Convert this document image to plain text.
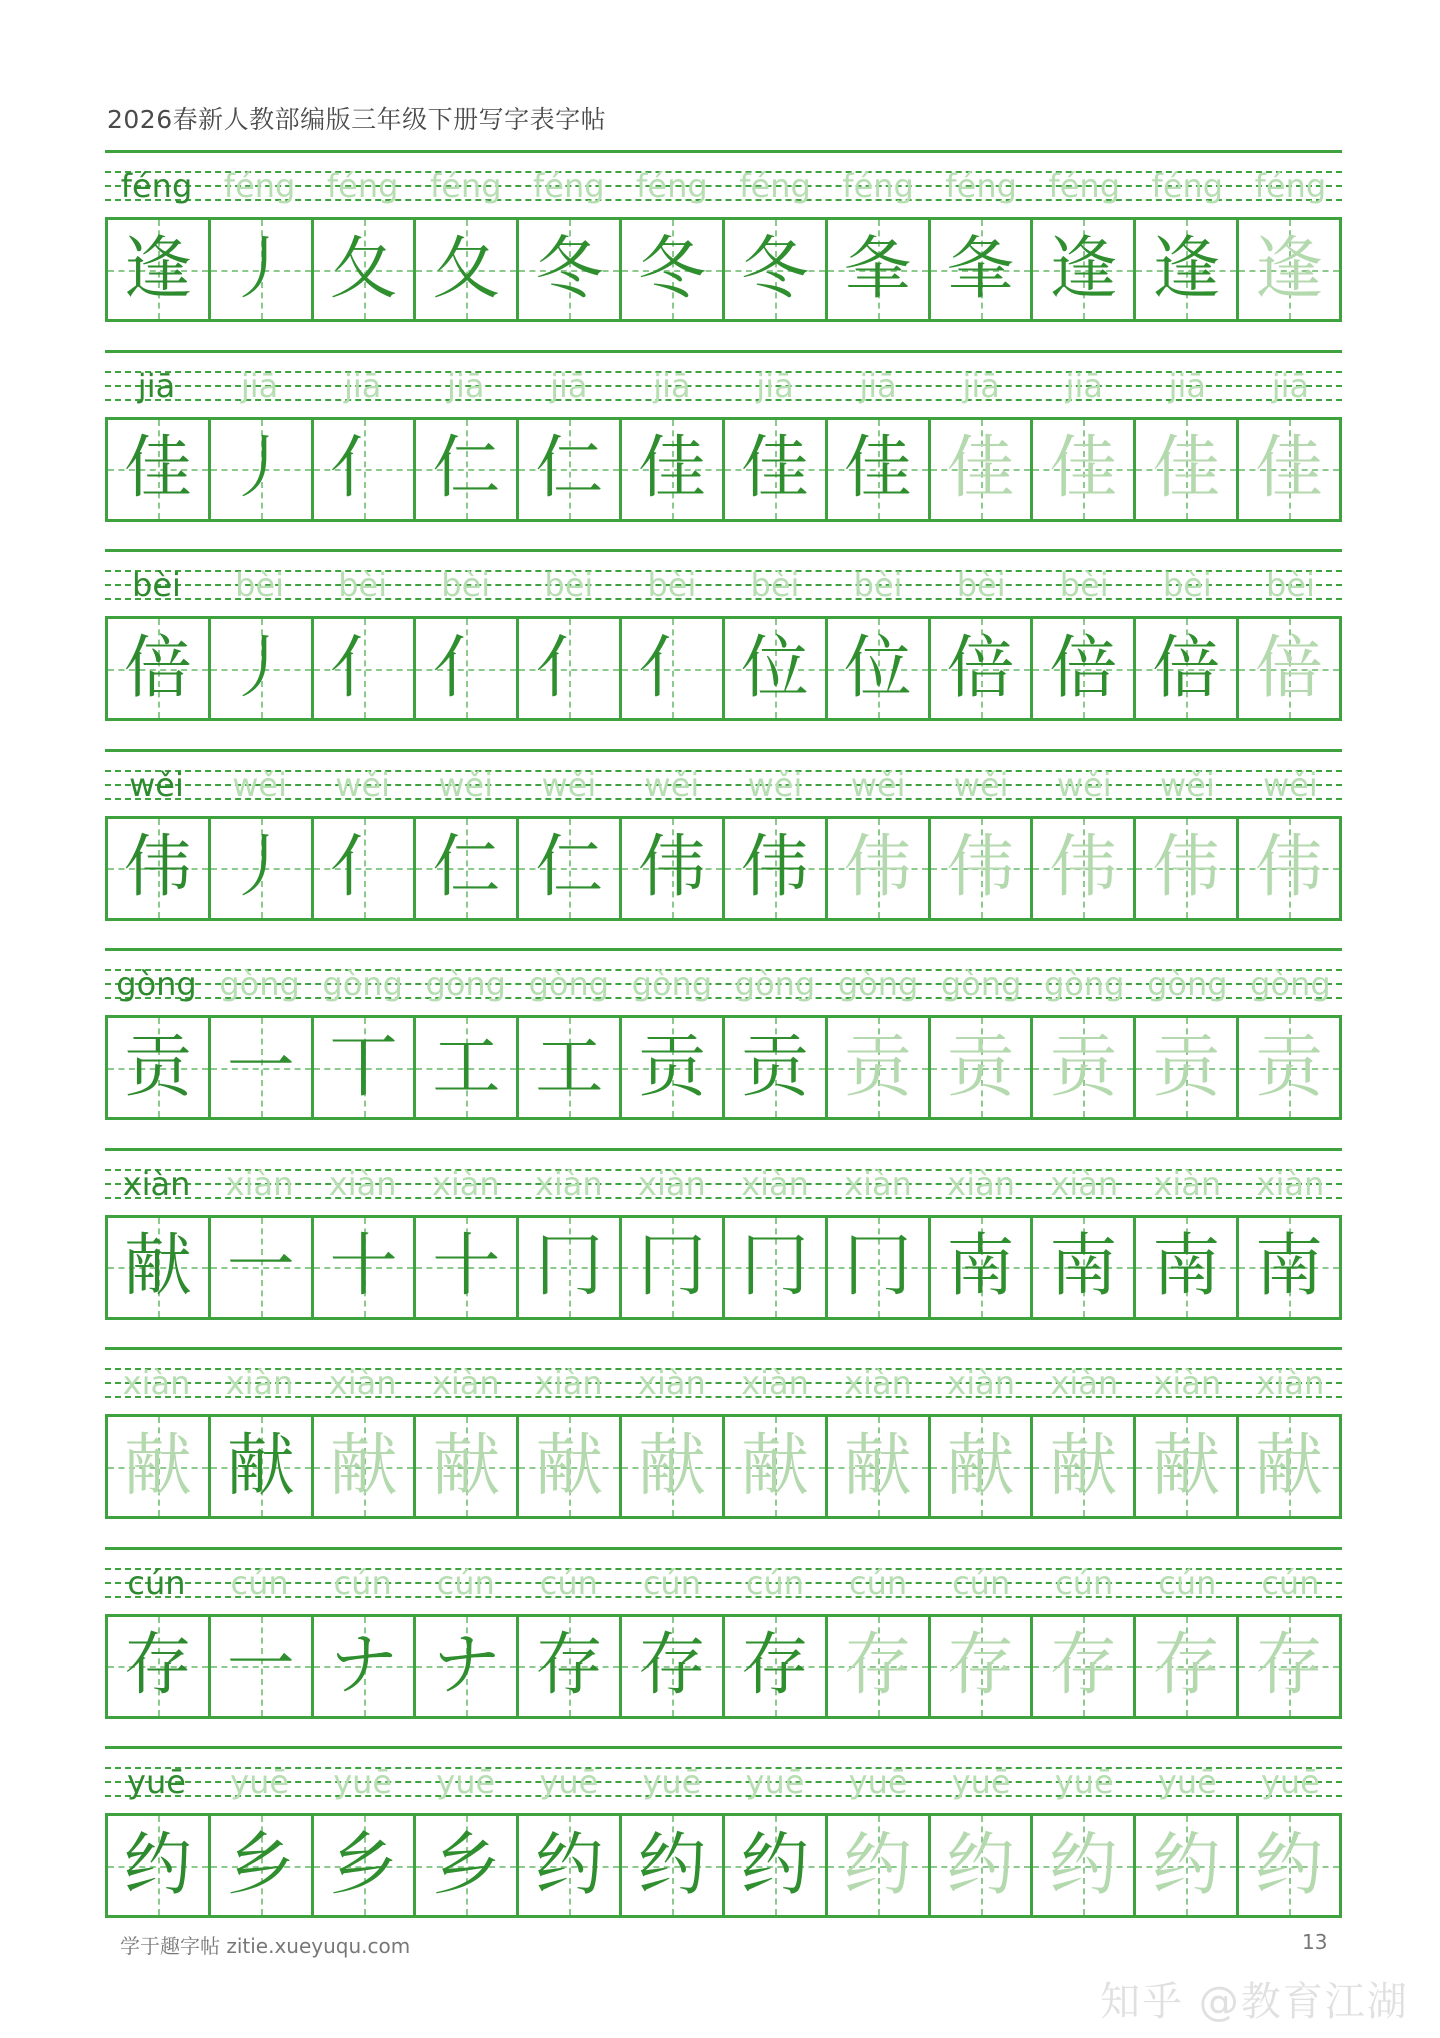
2026春新人教部编版三年级下册写字表字帖
féng féng féng féng féng féng féng féng féng féng féng féng
逢 丿 夂 夂 冬 冬 冬 夆 夆 逢 逢 逢
jiā	jiā	jiā	jiā	jiā	jiā	jiā	jiā	jiā	jiā	jiā	jiā
佳 丿 亻 仁 仁 佳 佳 佳 佳 佳 佳 佳
bèi	bèi	bèi	bèi	bèi	bèi	bèi	bèi	bèi	bèi	bèi	bèi
倍 丿 亻 亻 亻 亻 位 位 倍 倍 倍 倍
wěi	wěi	wěi	wěi	wěi	wěi	wěi	wěi	wěi	wěi	wěi	wěi
伟 丿 亻 仁 仁 伟 伟 伟 伟 伟 伟 伟
gòng gòng gòng gòng gòng gòng gòng gòng gòng gòng gòng gòng
贡 一 丅 工 工 贡 贡 贡 贡 贡 贡 贡
xiàn	xiàn	xiàn	xiàn	xiàn	xiàn	xiàn	xiàn	xiàn	xiàn	xiàn	xiàn
献 一 十 十 冂 冂 冂 冂 南 南 南 南
xiàn	xiàn	xiàn	xiàn	xiàn	xiàn	xiàn	xiàn	xiàn	xiàn	xiàn	xiàn
献 献 献 献 献 献 献 献 献 献 献 献
cún	cún	cún	cún	cún	cún	cún	cún	cún	cún	cún	cún
存 一 ナ ナ 存 存 存 存 存 存 存 存
yuē	yuē	yuē	yuē	yuē	yuē	yuē	yuē	yuē	yuē	yuē	yuē
约 乡 乡 乡 约 约 约 约 约 约 约 约
学于趣字帖 zitie.xueyuqu.com	13
知乎 @教育江湖
